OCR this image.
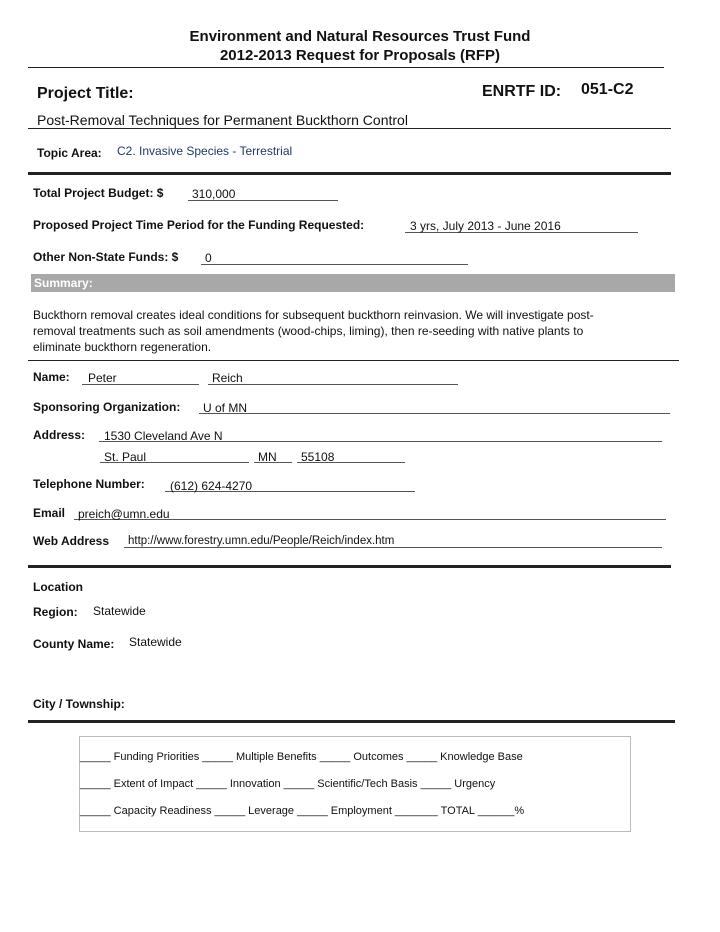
Environment and Natural Resources Trust Fund
2012-2013 Request for Proposals (RFP)
Project Title:	ENRTF ID: 051-C2
Post-Removal Techniques for Permanent Buckthorn Control
Topic Area: C2. Invasive Species - Terrestrial
Total Project Budget: $ 310,000
Proposed Project Time Period for the Funding Requested:	3 yrs, July 2013 - June 2016
Other Non-State Funds: $ 0
Summary:
Buckthorn removal creates ideal conditions for subsequent buckthorn reinvasion. We will investigate post-
removal treatments such as soil amendments (wood-chips, liming), then re-seeding with native plants to
eliminate buckthorn regeneration.
Name: Peter	Reich
Sponsoring Organization: U of MN
Address: 1530 Cleveland Ave N
St. Paul	MN 55108
Telephone Number: (612) 624-4270
Email preich@umn.edu
Web Address http://www.forestry.umn.edu/People/Reich/index.htm
Location
Region: Statewide
County Name: Statewide
City / Township:
_____ Funding Priorities _____ Multiple Benefits _____ Outcomes _____ Knowledge Base
_____ Extent of Impact _____ Innovation _____ Scientific/Tech Basis _____ Urgency
_____ Capacity Readiness _____ Leverage _____ Employment _______ TOTAL ______%
